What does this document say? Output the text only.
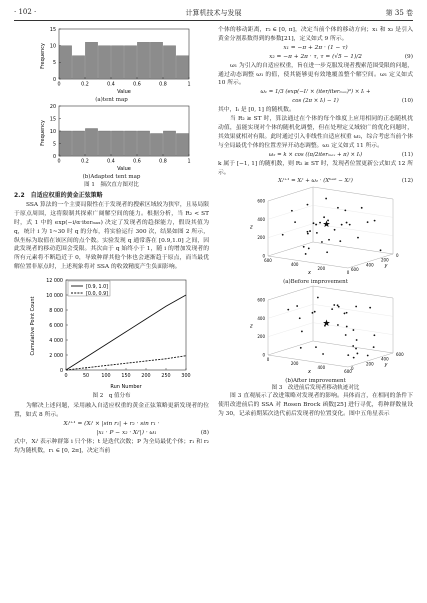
· 102 ·	计算机技术与发展	第 35 卷
Frequency
Value
0
5
10
15
0	0.2	0.4	0.6	0.8	1
(a)tent map
Frequency
Value
0
5
10
15
20
0	0.2	0.4	0.6	0.8	1
(b)Adapted tent map
图 1　频次直方图对比

2.2　自适应权重的黄金正弦策略

SSA 算法的一个主要局限性在于发现者的搜索区域较为狭窄，且易局限于原点周围，这将限制其探索广阔解空间的能力。根据分析，当 R₂ < ST 时，式 1 中的 exp(−i/α·iterₘₐₓ) 决定了发现者的趋探能力，假设其值为 q，统计 i 为 1~30 时 q 的分布，将实验运行 300 次，结果如图 2 所示，纵坐标为取值在该区间的点个数。实验发现 q 通常落在 [0.9,1.0] 之间，因此发现者的移动范围会受限。其次由于 q 始终小于 1，随 i 的增加发现者的所有元素将不断趋近于 0，导致种群其他个体也会逐渐趋于原点，而当最优解位置非原点时，上述现象将对 SSA 的收敛精度产生负面影响。

Cumulative Point Count
Run Number
0
2 000
4 000
6 000
8 000
10 000
12 000
0	50	100 150 200 250 300
[0.9, 1.0]
[0.0, 0.9]
图 2　q 值分布

为解决上述问题，采用融入自适应权重的黄金正弦策略更新发现者的位置，如式 8 所示。

Xᵢᵗ⁺¹ = (Xᵢᵗ × |sin r₁| + r₂ · sin r₁ ·
|x₁ · P − x₂ · Xᵢᵗ|) · ω₁	(8)

式中，Xᵢᵗ 表示种群第 i 只个体；t 是迭代次数；P 为全局最优个体；r₁ 和 r₂ 均为随机数，r₁ ∈ [0, 2π]，决定当前

个体的移动距离，r₂ ∈ [0, π]，决定当前个体的移动方向；x₁ 和 x₂ 是引入黄金分割系数得到的参数[21]，定义如式 9 所示。

x₁ = −π + 2π · (1 − τ)
x₂ = −π + 2π · τ, τ = (√5 − 1)/2	(9)

ω₁ 为引入的自适应权重，旨在进一步克服发现者搜索范围受限的问题，通过动态调整 ω₁ 的值，使其能够更有效地覆盖整个解空间。ω₁ 定义如式 10 所示。

ω₁ = 1/3 (exp(−Iᵢᵗ × (iter/iterₘₐₓ)³) × Iᵢ +
cos (2π × Iᵢ) − 1)	(10)

其中，Iᵢ 是 [0, 1] 的随机数。

当 R₂ ≥ ST 时，算法通过在个体的每个维度上应用相同的正态随机扰动值，虽能实现对个体的随机化调整，但在处理定义域较广的优化问题时，其效果就相对有限。此时通过引入非线性自适应权重 ω₂，综合考虑当前个体与全局最优个体的位置差异开动态调整。ω₂ 定义如式 11 所示。

ω₂ = k × cos ((π/2iterₘₐₓ + π) × Iᵢ)	(11)

k 属于 [−1, 1] 的随机数，则 R₂ ≥ ST 时，发现者位置更新公式如式 12 所示。

Xᵢᵗ⁺¹ = Xᵢᵗ + ω₂ · (Xᵇᵉˢᵗ − Xᵢᵗ)	(12)
0
200
400
600
600
400
200
0
600
400
200
0
z
x
y
(a)Before improvement
0
200
400
600
0
200
400
600
0
200
400
600
z
x
y
(b)After improvement
图 3　改进前后发现者移动轨迹对比

图 3 直观展示了改进策略对发现者的影响。具体而言，在相同的条件下使用改进前后的 SSA 对 Rosen Brock 函数[25] 进行寻优，将种群数量设为 30，记录前期某次迭代前后发现者的位置变化。图中五角星表示
